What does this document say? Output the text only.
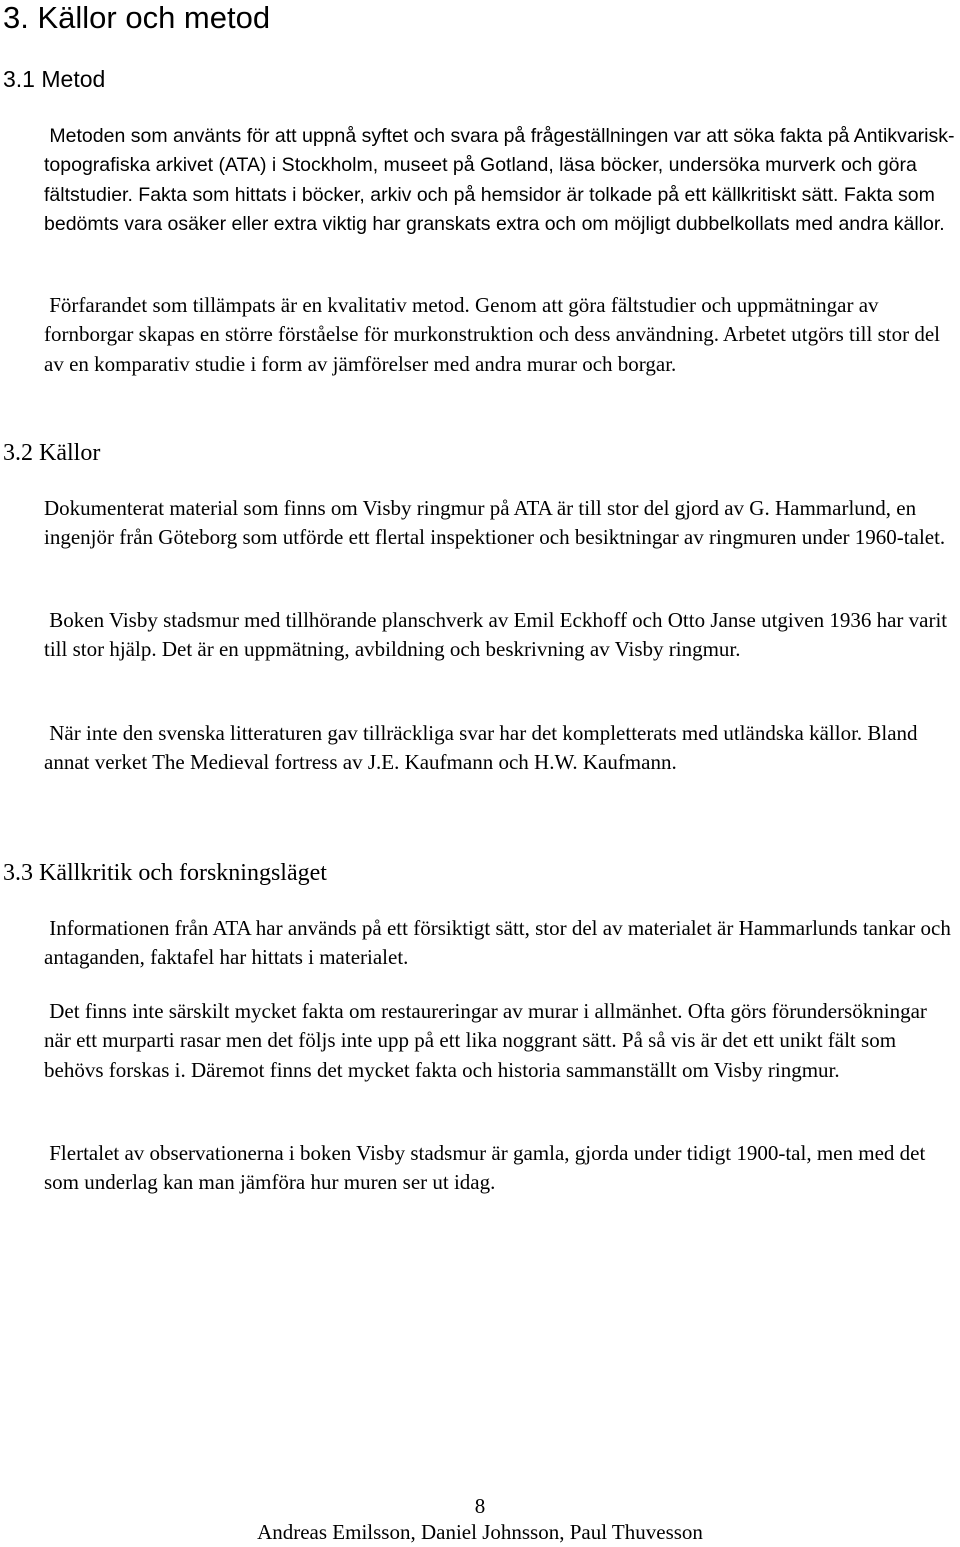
3. Källor och metod
3.1 Metod

Metoden som använts för att uppnå syftet och svara på frågeställningen var att söka fakta på Antikvarisk-topografiska arkivet (ATA) i Stockholm, museet på Gotland, läsa böcker, undersöka murverk och göra fältstudier. Fakta som hittats i böcker, arkiv och på hemsidor är tolkade på ett källkritiskt sätt. Fakta som bedömts vara osäker eller extra viktig har granskats extra och om möjligt dubbelkollats med andra källor.

Förfarandet som tillämpats är en kvalitativ metod. Genom att göra fältstudier och uppmätningar av fornborgar skapas en större förståelse för murkonstruktion och dess användning. Arbetet utgörs till stor del av en komparativ studie i form av jämförelser med andra murar och borgar.

3.2 Källor

Dokumenterat material som finns om Visby ringmur på ATA är till stor del gjord av G. Hammarlund, en ingenjör från Göteborg som utförde ett flertal inspektioner och besiktningar av ringmuren under 1960-talet.

Boken Visby stadsmur med tillhörande planschverk av Emil Eckhoff och Otto Janse utgiven 1936 har varit till stor hjälp. Det är en uppmätning, avbildning och beskrivning av Visby ringmur.

När inte den svenska litteraturen gav tillräckliga svar har det kompletterats med utländska källor. Bland annat verket The Medieval fortress av J.E. Kaufmann och H.W. Kaufmann.

3.3 Källkritik och forskningsläget

Informationen från ATA har används på ett försiktigt sätt, stor del av materialet är Hammarlunds tankar och antaganden, faktafel har hittats i materialet.

Det finns inte särskilt mycket fakta om restaureringar av murar i allmänhet. Ofta görs förundersökningar när ett murparti rasar men det följs inte upp på ett lika noggrant sätt. På så vis är det ett unikt fält som behövs forskas i. Däremot finns det mycket fakta och historia sammanställt om Visby ringmur.

Flertalet av observationerna i boken Visby stadsmur är gamla, gjorda under tidigt 1900-tal, men med det som underlag kan man jämföra hur muren ser ut idag.

8
Andreas Emilsson, Daniel Johnsson, Paul Thuvesson
